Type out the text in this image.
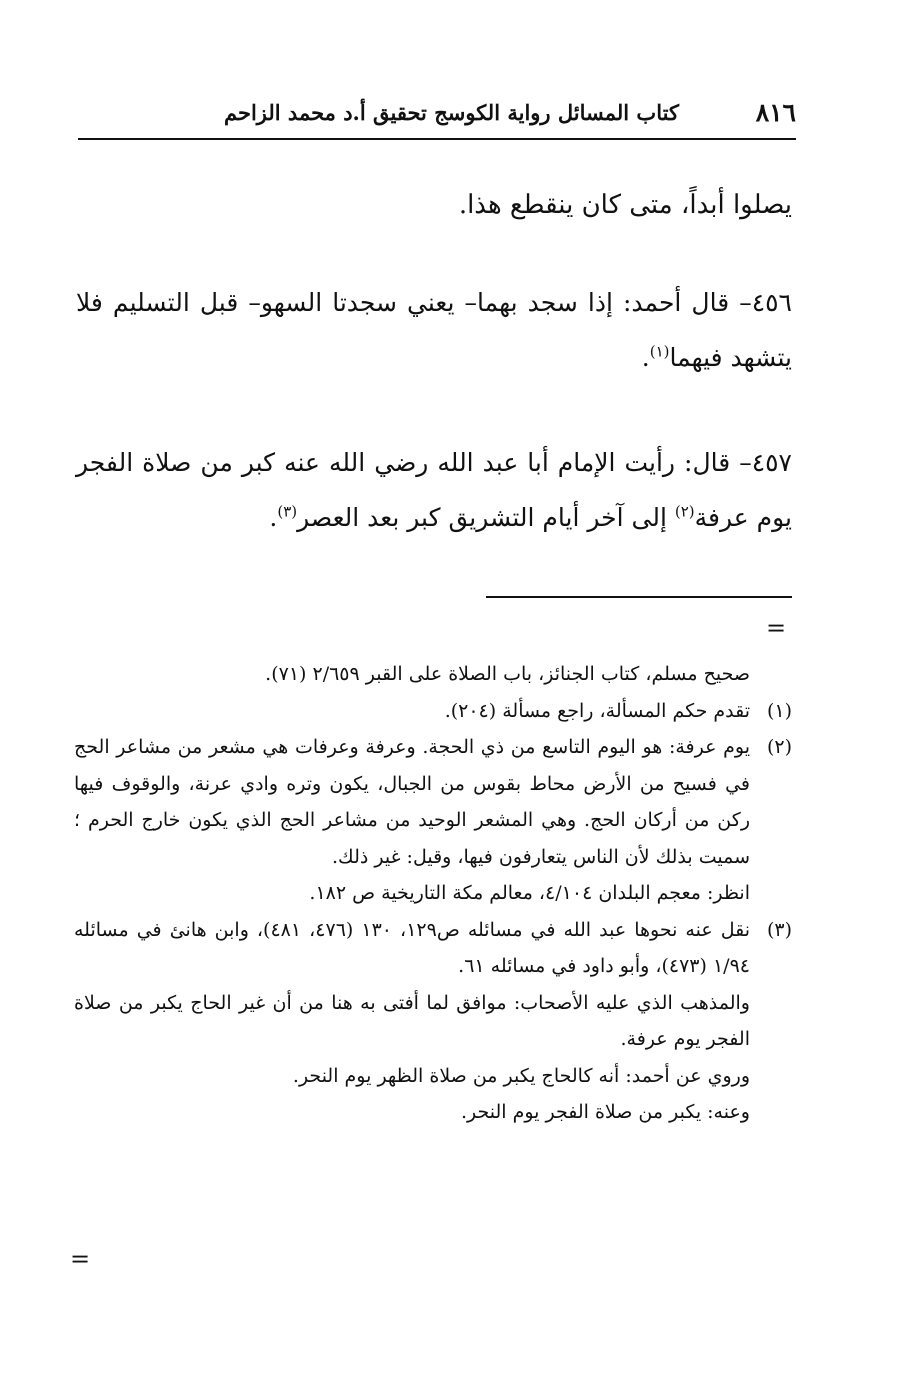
٨١٦
كتاب المسائل رواية الكوسج تحقيق أ.د محمد الزاحم
يصلوا أبداً، متى كان ينقطع هذا.

٤٥٦– قال أحمد: إذا سجد بهما– يعني سجدتا السهو– قبل التسليم فلا يتشهد فيهما$^{(١)}$.

٤٥٧– قال: رأيت الإمام أبا عبد الله رضي الله عنه كبر من صلاة الفجر يوم عرفة$^{(٢)}$ إلى آخر أيام التشريق كبر بعد العصر$^{(٣)}$.

=

صحيح مسلم، كتاب الجنائز، باب الصلاة على القبر ٢/٦٥٩ (٧١).

(١)تقدم حكم المسألة، راجع مسألة (٢٠٤).

(٢)يوم عرفة: هو اليوم التاسع من ذي الحجة. وعرفة وعرفات هي مشعر من مشاعر الحج في فسيح من الأرض محاط بقوس من الجبال، يكون وتره وادي عرنة، والوقوف فيها ركن من أركان الحج. وهي المشعر الوحيد من مشاعر الحج الذي يكون خارج الحرم ؛ سميت بذلك لأن الناس يتعارفون فيها، وقيل: غير ذلك.

انظر: معجم البلدان ٤/١٠٤، معالم مكة التاريخية ص ١٨٢.

(٣)نقل عنه نحوها عبد الله في مسائله ص١٢٩، ١٣٠ (٤٧٦، ٤٨١)، وابن هانئ في مسائله ١/٩٤ (٤٧٣)، وأبو داود في مسائله ٦١.

والمذهب الذي عليه الأصحاب: موافق لما أفتى به هنا من أن غير الحاج يكبر من صلاة الفجر يوم عرفة.

وروي عن أحمد: أنه كالحاج يكبر من صلاة الظهر يوم النحر.

وعنه: يكبر من صلاة الفجر يوم النحر.

=
